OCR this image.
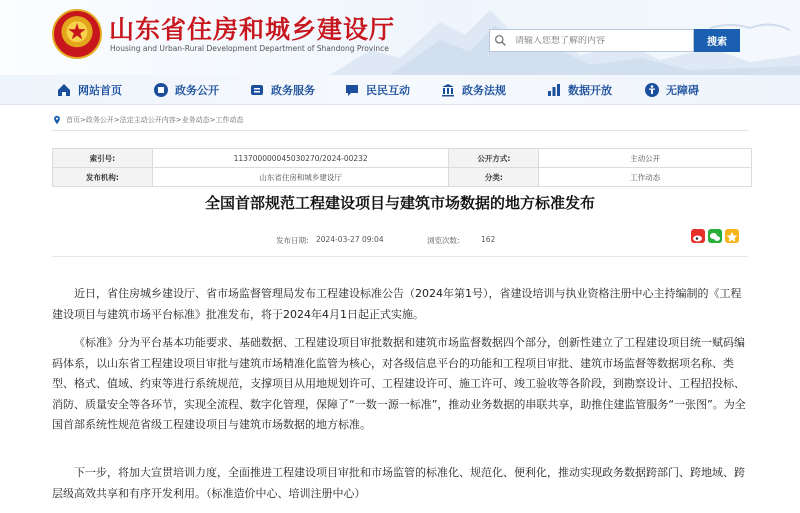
山东省住房和城乡建设厅
Housing and Urban-Rural Development Department of Shandong Province
请输入您想了解的内容
搜索
网站首页	政务公开	政务服务	民民互动	政务法规	数据开放	无障碍
首页>政务公开>法定主动公开内容>业务动态>工作动态
索引号:	11370000004503027​0/2024-00232	公开方式:	主动公开
发布机构:	山东省住房和城乡建设厅	分类:	工作动态
全国首部规范工程建设项目与建筑市场数据的地方标准发布
发布日期: 2024-03-27 09:04	浏览次数:	162

近日，省住房城乡建设厅、省市场监督管理局发布工程建设标准公告（2024年第1号），省建设培训与执业资格注册中心主持编制的《工程建设项目与建筑市场平台标准》批准发布，将于2024年4月1日起正式实施。

《标准》分为平台基本功能要求、基础数据、工程建设项目审批数据和建筑市场监督数据四个部分，创新性建立了工程建设项目统一赋码编码体系，以山东省工程建设项目审批与建筑市场精准化监管为核心，对各级信息平台的功能和工程项目审批、建筑市场监督等数据项名称、类型、格式、值域、约束等进行系统规范，支撑项目从用地规划许可、工程建设许可、施工许可、竣工验收等各阶段，到勘察设计、工程招投标、消防、质量安全等各环节，实现全流程、数字化管理，保障了“一数一源一标准”，推动业务数据的串联共享，助推住建监管服务“一张图”。为全国首部系统性规范省级工程建设项目与建筑市场数据的地方标准。

下一步，将加大宣贯培训力度，全面推进工程建设项目审批和市场监管的标准化、规范化、便利化，推动实现政务数据跨部门、跨地域、跨层级高效共享和有序开发利用。（标准造价中心、培训注册中心）
